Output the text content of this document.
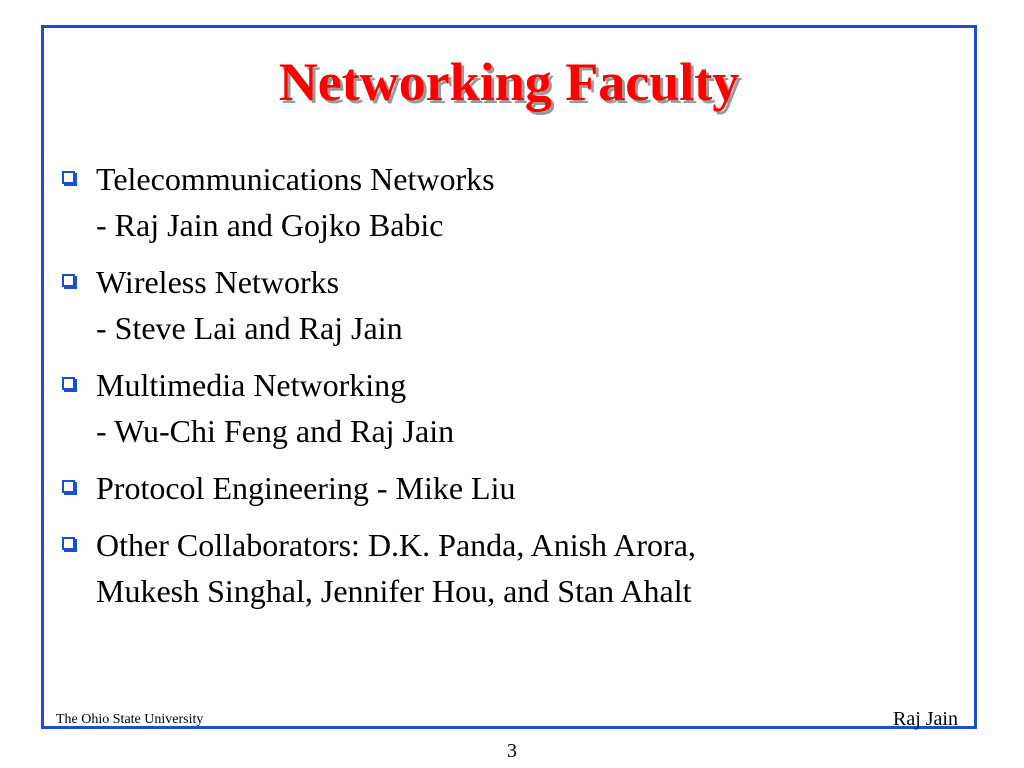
Networking Faculty
Telecommunications Networks
- Raj Jain and Gojko Babic
Wireless Networks
- Steve Lai and Raj Jain
Multimedia Networking
- Wu-Chi Feng and Raj Jain
Protocol Engineering - Mike Liu
Other Collaborators: D.K. Panda, Anish Arora,
Mukesh Singhal, Jennifer Hou, and Stan Ahalt
The Ohio State University	Raj Jain
3
